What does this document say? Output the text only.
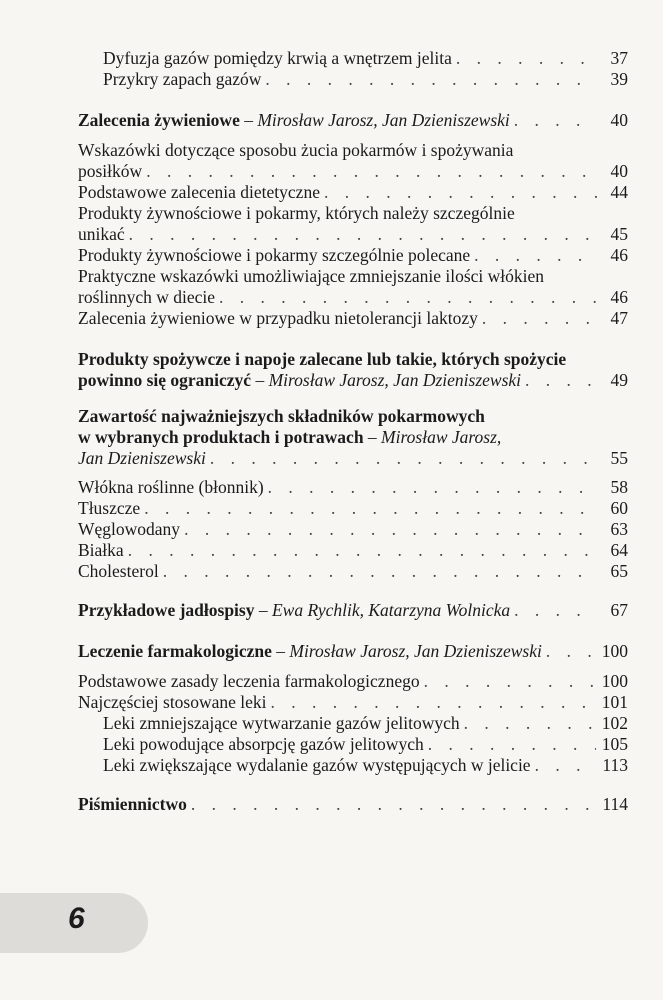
Dyfuzja gazów pomiędzy krwią a wnętrzem jelita . . .	37
Przykry zapach gazów . . .	39
Zalecenia żywieniowe – Mirosław Jarosz, Jan Dzieniszewski . . .	40
Wskazówki dotyczące sposobu żucia pokarmów i spożywania
posiłków . . .	40
Podstawowe zalecenia dietetyczne . . .	44
Produkty żywnościowe i pokarmy, których należy szczególnie
unikać . . .	45
Produkty żywnościowe i pokarmy szczególnie polecane . . .	46
Praktyczne wskazówki umożliwiające zmniejszanie ilości włókien
roślinnych w diecie . . .	46
Zalecenia żywieniowe w przypadku nietolerancji laktozy . . .	47
Produkty spożywcze i napoje zalecane lub takie, których spożycie
powinno się ograniczyć – Mirosław Jarosz, Jan Dzieniszewski . . .	49
Zawartość najważniejszych składników pokarmowych
w wybranych produktach i potrawach – Mirosław Jarosz,
Jan Dzieniszewski . . .	55
Włókna roślinne (błonnik) . . .	58
Tłuszcze . . .	60
Węglowodany . . .	63
Białka . . .	64
Cholesterol . . .	65
Przykładowe jadłospisy – Ewa Rychlik, Katarzyna Wolnicka . . .	67
Leczenie farmakologiczne – Mirosław Jarosz, Jan Dzieniszewski . . .	100
Podstawowe zasady leczenia farmakologicznego . . .	100
Najczęściej stosowane leki . . .	101
Leki zmniejszające wytwarzanie gazów jelitowych . . .	102
Leki powodujące absorpcję gazów jelitowych . . .	105
Leki zwiększające wydalanie gazów występujących w jelicie . . .	113
Piśmiennictwo . . .	114
6
